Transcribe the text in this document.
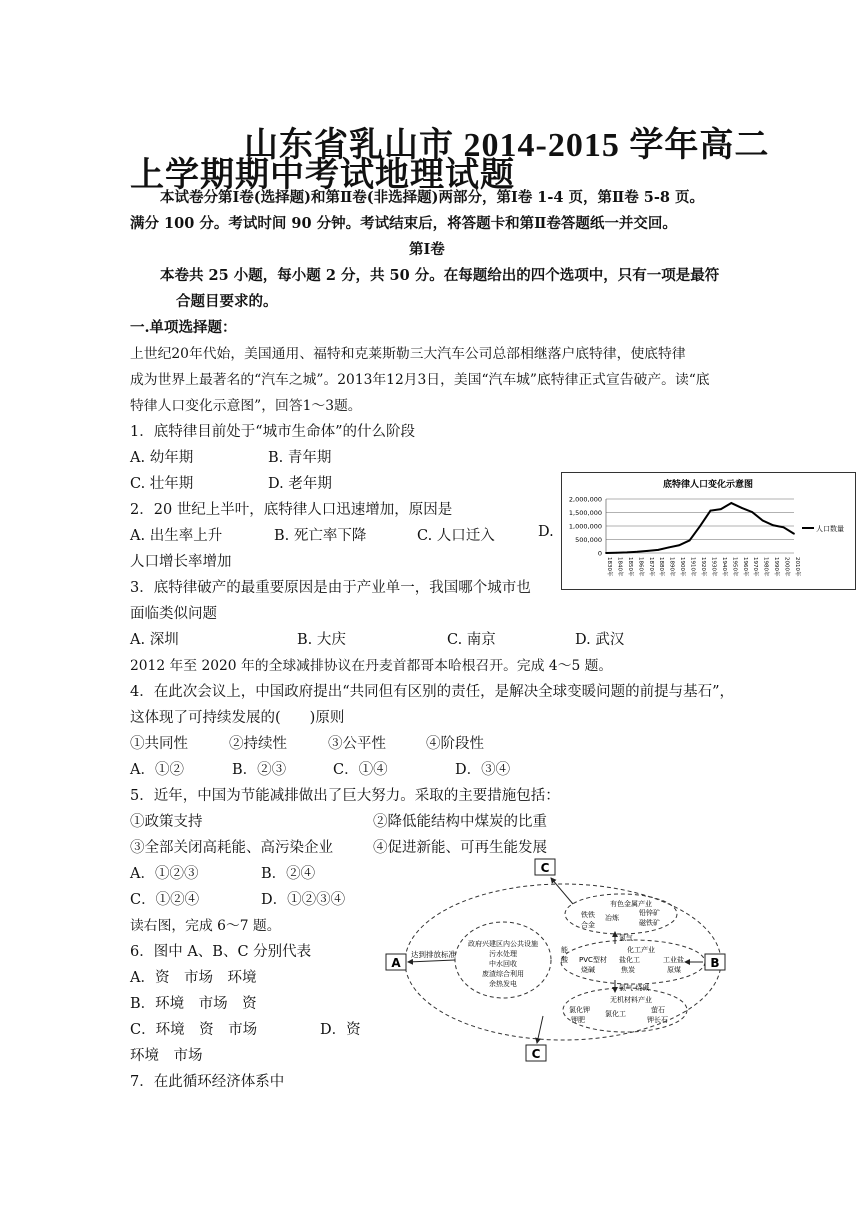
山东省乳山市 2014-2015 学年高二
上学期期中考试地理试题
本试卷分第Ⅰ卷(选择题)和第Ⅱ卷(非选择题)两部分，第Ⅰ卷 1-4 页，第Ⅱ卷 5-8 页。
满分 100 分。考试时间 90 分钟。考试结束后，将答题卡和第Ⅱ卷答题纸一并交回。
第Ⅰ卷
本卷共 25 小题，每小题 2 分，共 50 分。在每题给出的四个选项中，只有一项是最符
合题目要求的。
一.单项选择题：
上世纪20年代始，美国通用、福特和克莱斯勒三大汽车公司总部相继落户底特律，使底特律
成为世界上最著名的“汽车之城”。2013年12月3日，美国“汽车城”底特律正式宣告破产。读“底
特律人口变化示意图”，回答1～3题。
1．底特律目前处于“城市生命体”的什么阶段
A. 幼年期	B. 青年期
C. 壮年期	D. 老年期
2．20 世纪上半叶，底特律人口迅速增加，原因是
A. 出生率上升	B. 死亡率下降	C. 人口迁入	D.
人口增长率增加
底特律人口变化示意图
2,000,000
1,500,000
1,000,000
500,000
0
1830年 1840年 1850年 1860年 1870年 1880年 1890年 1900年 1910年 1920年 1930年 1940年 1950年 1960年 1970年 1980年 1990年 2000年 2010年
人口数量
3．底特律破产的最重要原因是由于产业单一，我国哪个城市也
面临类似问题
A. 深圳	B. 大庆	C. 南京	D. 武汉
2012 年至 2020 年的全球减排协议在丹麦首都哥本哈根召开。完成 4～5 题。
4．在此次会议上，中国政府提出“共同但有区别的责任，是解决全球变暖问题的前提与基石”，
这体现了可持续发展的(　　)原则
①共同性	②持续性	③公平性	④阶段性
A．①②	B．②③	C．①④	D．③④
5．近年，中国为节能减排做出了巨大努力。采取的主要措施包括：
①政策支持	②降低能结构中煤炭的比重
③全部关闭高耗能、高污染企业	④促进新能、可再生能发展
A．①②③	B．②④
C．①②④	D．①②③④
读右图，完成 6～7 题。
6．图中 A、B、C 分别代表
A．资　市场　环境
B．环境　市场　资
C．环境　资　市场	D．资
环境　市场
7．在此循环经济体系中
C
A	B
C
达到排放标准
政府兴建区内公共设施
污水处理
中水回收
废渣综合利用
余热发电
有色金属产业
铁铁
合金
冶炼
铅锌矿
磁铁矿
化工产业
PVC型材
烧碱
盐化工
焦炭
工业盐
原煤
无机材料产业
氯化钾
钾肥
氯化工	萤石
钾长石
能
酸
氯气
氯气 烧碱
